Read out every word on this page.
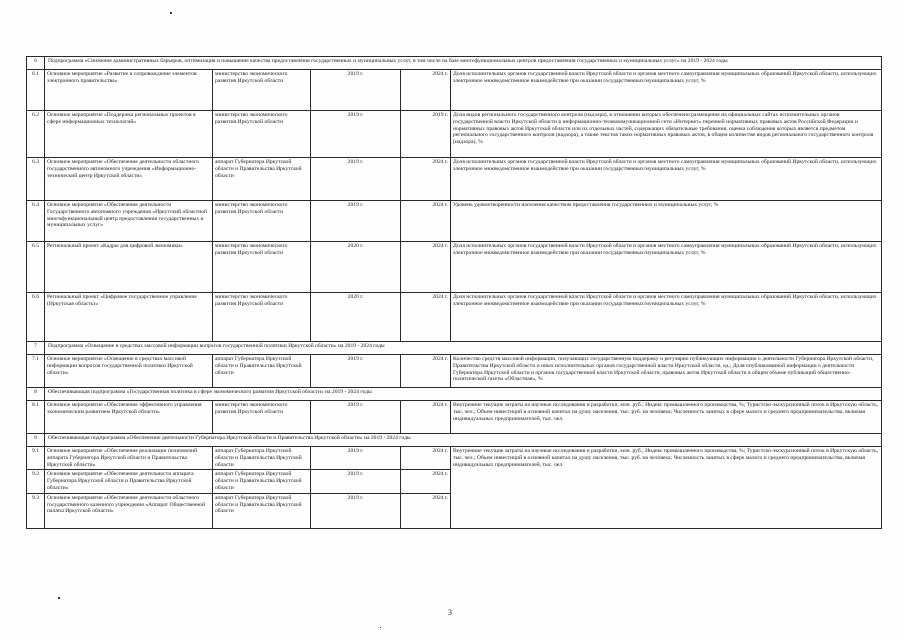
6	Подпрограмма «Снижение административных барьеров, оптимизация и повышение качества предоставления государственных и муниципальных услуг, в том числе на базе многофункциональных центров предоставления государственных и муниципальных услуг» на 2019 - 2024 годы				
6.1	Основное мероприятие «Развитие и сопровождение элементов электронного правительства»	министерство экономического развития Иркутской области	2019 г.	2024 г.	Доля исполнительных органов государственной власти Иркутской области и органов местного самоуправления муниципальных образований Иркутской области, использующих электронное межведомственное взаимодействие при оказании государственных/муниципальных услуг, %
6.2	Основное мероприятие «Поддержка региональных проектов в сфере информационных технологий»	министерство экономического развития Иркутской области	2019 г.	2019 г.	Доля видов регионального государственного контроля (надзора), в отношении которых обеспечено размещение на официальных сайтах исполнительных органов государственной власти Иркутской области в информационно-телекоммуникационной сети «Интернет» перечней нормативных правовых актов Российской Федерации и нормативных правовых актов Иркутской области или их отдельных частей, содержащих обязательные требования, оценка соблюдения которых является предметом регионального государственного контроля (надзора), а также текстов таких нормативных правовых актов, в общем количестве видов регионального государственного контроля (надзора), %
6.3	Основное мероприятие «Обеспечение деятельности областного государственного автономного учреждения «Информационно-технический центр Иркутской области»	аппарат Губернатора Иркутской области и Правительства Иркутской области	2019 г.	2024 г.	Доля исполнительных органов государственной власти Иркутской области и органов местного самоуправления муниципальных образований Иркутской области, использующих электронное межведомственное взаимодействие при оказании государственных/муниципальных услуг, %
6.4	Основное мероприятие «Обеспечение деятельности Государственного автономного учреждения «Иркутский областной многофункциональный центр предоставления государственных и муниципальных услуг»	министерство экономического развития Иркутской области	2019 г.	2024 г.	Уровень удовлетворенности населения качеством предоставления государственных и муниципальных услуг, %
6.5	Региональный проект «Кадры для цифровой экономики»	министерство экономического развития Иркутской области	2020 г.	2024 г.	Доля исполнительных органов государственной власти Иркутской области и органов местного самоуправления муниципальных образований Иркутской области, использующих электронное межведомственное взаимодействие при оказании государственных/муниципальных услуг, %
6.6	Региональный проект «Цифровое государственное управление (Иркутская область)»	министерство экономического развития Иркутской области	2020 г.	2024 г.	Доля исполнительных органов государственной власти Иркутской области и органов местного самоуправления муниципальных образований Иркутской области, использующих электронное межведомственное взаимодействие при оказании государственных/муниципальных услуг, %
7	Подпрограмма «Освещение в средствах массовой информации вопросов государственной политики Иркутской области» на 2019 - 2024 годы				
7.1	Основное мероприятие «Освещение в средствах массовой информации вопросов государственной политики Иркутской области»	аппарат Губернатора Иркутской области и Правительства Иркутской области	2019 г.	2024 г.	Количество средств массовой информации, получающих государственную поддержку и регулярно публикующих информацию о деятельности Губернатора Иркутской области, Правительства Иркутской области и иных исполнительных органов государственной власти Иркутской области, ед.; Доля опубликованной информации о деятельности Губернатора Иркутской области и органов государственной власти Иркутской области, правовых актов Иркутской области в общем объеме публикаций общественно-политической газеты «Областная», %
8	Обеспечивающая подпрограмма «Государственная политика в сфере экономического развития Иркутской области» на 2019 - 2024 годы				
8.1	Основное мероприятие «Обеспечение эффективного управления экономическим развитием Иркутской области»	министерство экономического развития Иркутской области	2019 г.	2024 г.	Внутренние текущие затраты на научные исследования и разработки, млн. руб.; Индекс промышленного производства, %; Туристско-экскурсионный поток в Иркутскую область, тыс. чел.; Объем инвестиций в основной капитал на душу населения, тыс. руб. на человека; Численность занятых в сфере малого и среднего предпринимательства, включая индивидуальных предпринимателей, тыс. чел.
9	Обеспечивающая подпрограмма «Обеспечение деятельности Губернатора Иркутской области и Правительства Иркутской области» на 2019 - 2024 годы				
9.1	Основное мероприятие «Обеспечение реализации полномочий аппарата Губернатора Иркутской области и Правительства Иркутской области»	аппарат Губернатора Иркутской области и Правительства Иркутской области	2019 г.	2024 г.	Внутренние текущие затраты на научные исследования и разработки, млн. руб.; Индекс промышленного производства, %; Туристско-экскурсионный поток в Иркутскую область, тыс. чел.; Объем инвестиций в основной капитал на душу населения, тыс. руб. на человека; Численность занятых в сфере малого и среднего предпринимательства, включая индивидуальных предпринимателей, тыс. чел.
9.2	Основное мероприятие «Обеспечение деятельности аппарата Губернатора Иркутской области и Правительства Иркутской области»	аппарат Губернатора Иркутской области и Правительства Иркутской области	2019 г.	2024 г.	
9.3	Основное мероприятие «Обеспечение деятельности областного государственного казенного учреждения «Аппарат Общественной палаты Иркутской области»	аппарат Губернатора Иркутской области и Правительства Иркутской области	2019 г.	2024 г.	
3
